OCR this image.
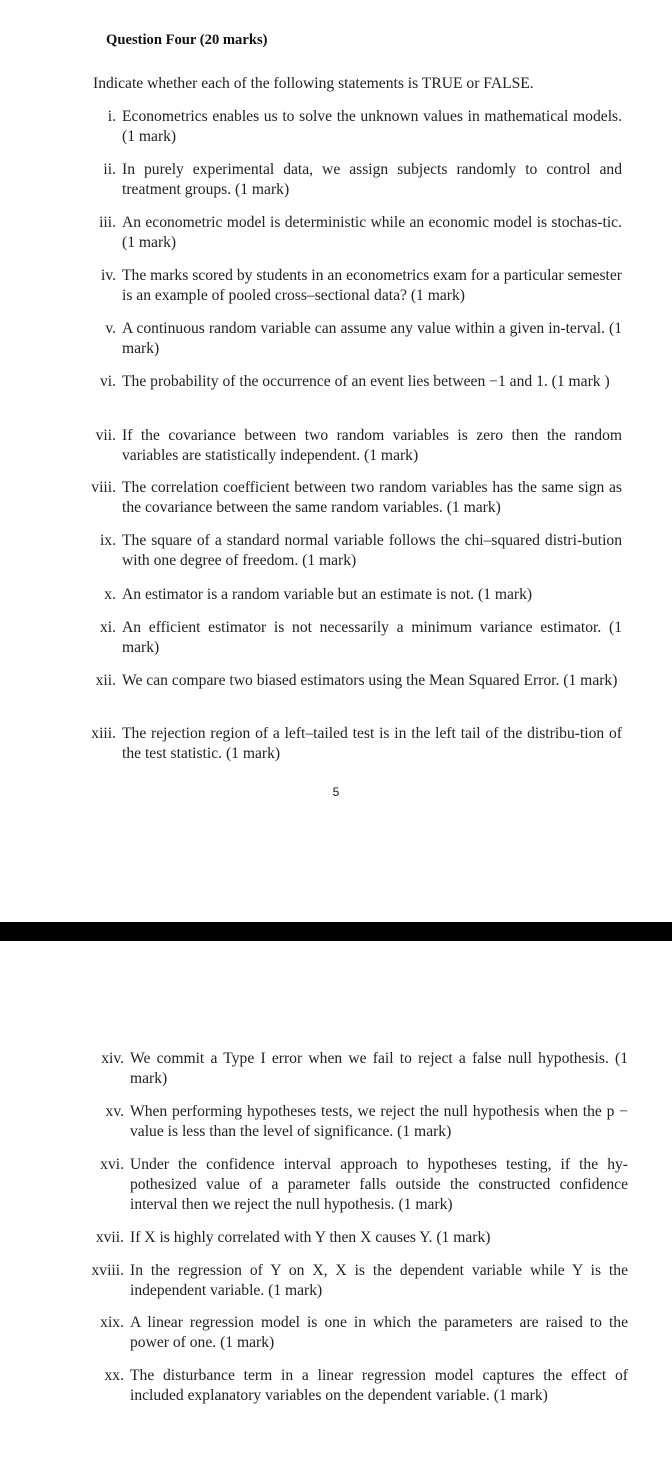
Question Four (20 marks)
Indicate whether each of the following statements is TRUE or FALSE.
i. Econometrics enables us to solve the unknown values in mathematical models. (1 mark)
ii. In purely experimental data, we assign subjects randomly to control and treatment groups. (1 mark)
iii. An econometric model is deterministic while an economic model is stochas-tic. (1 mark)
iv. The marks scored by students in an econometrics exam for a particular semester is an example of pooled cross–sectional data? (1 mark)
v. A continuous random variable can assume any value within a given in-terval. (1 mark)
vi. The probability of the occurrence of an event lies between −1 and 1. (1 mark )
vii. If the covariance between two random variables is zero then the random variables are statistically independent. (1 mark)
viii. The correlation coefficient between two random variables has the same sign as the covariance between the same random variables. (1 mark)
ix. The square of a standard normal variable follows the chi–squared distri-bution with one degree of freedom. (1 mark)
x. An estimator is a random variable but an estimate is not. (1 mark)
xi. An efficient estimator is not necessarily a minimum variance estimator. (1 mark)
xii. We can compare two biased estimators using the Mean Squared Error. (1 mark)
xiii. The rejection region of a left–tailed test is in the left tail of the distribu-tion of the test statistic. (1 mark)
5
xiv. We commit a Type I error when we fail to reject a false null hypothesis. (1 mark)
xv. When performing hypotheses tests, we reject the null hypothesis when the p − value is less than the level of significance. (1 mark)
xvi. Under the confidence interval approach to hypotheses testing, if the hy-pothesized value of a parameter falls outside the constructed confidence interval then we reject the null hypothesis. (1 mark)
xvii. If X is highly correlated with Y then X causes Y. (1 mark)
xviii. In the regression of Y on X, X is the dependent variable while Y is the independent variable. (1 mark)
xix. A linear regression model is one in which the parameters are raised to the power of one. (1 mark)
xx. The disturbance term in a linear regression model captures the effect of included explanatory variables on the dependent variable. (1 mark)
